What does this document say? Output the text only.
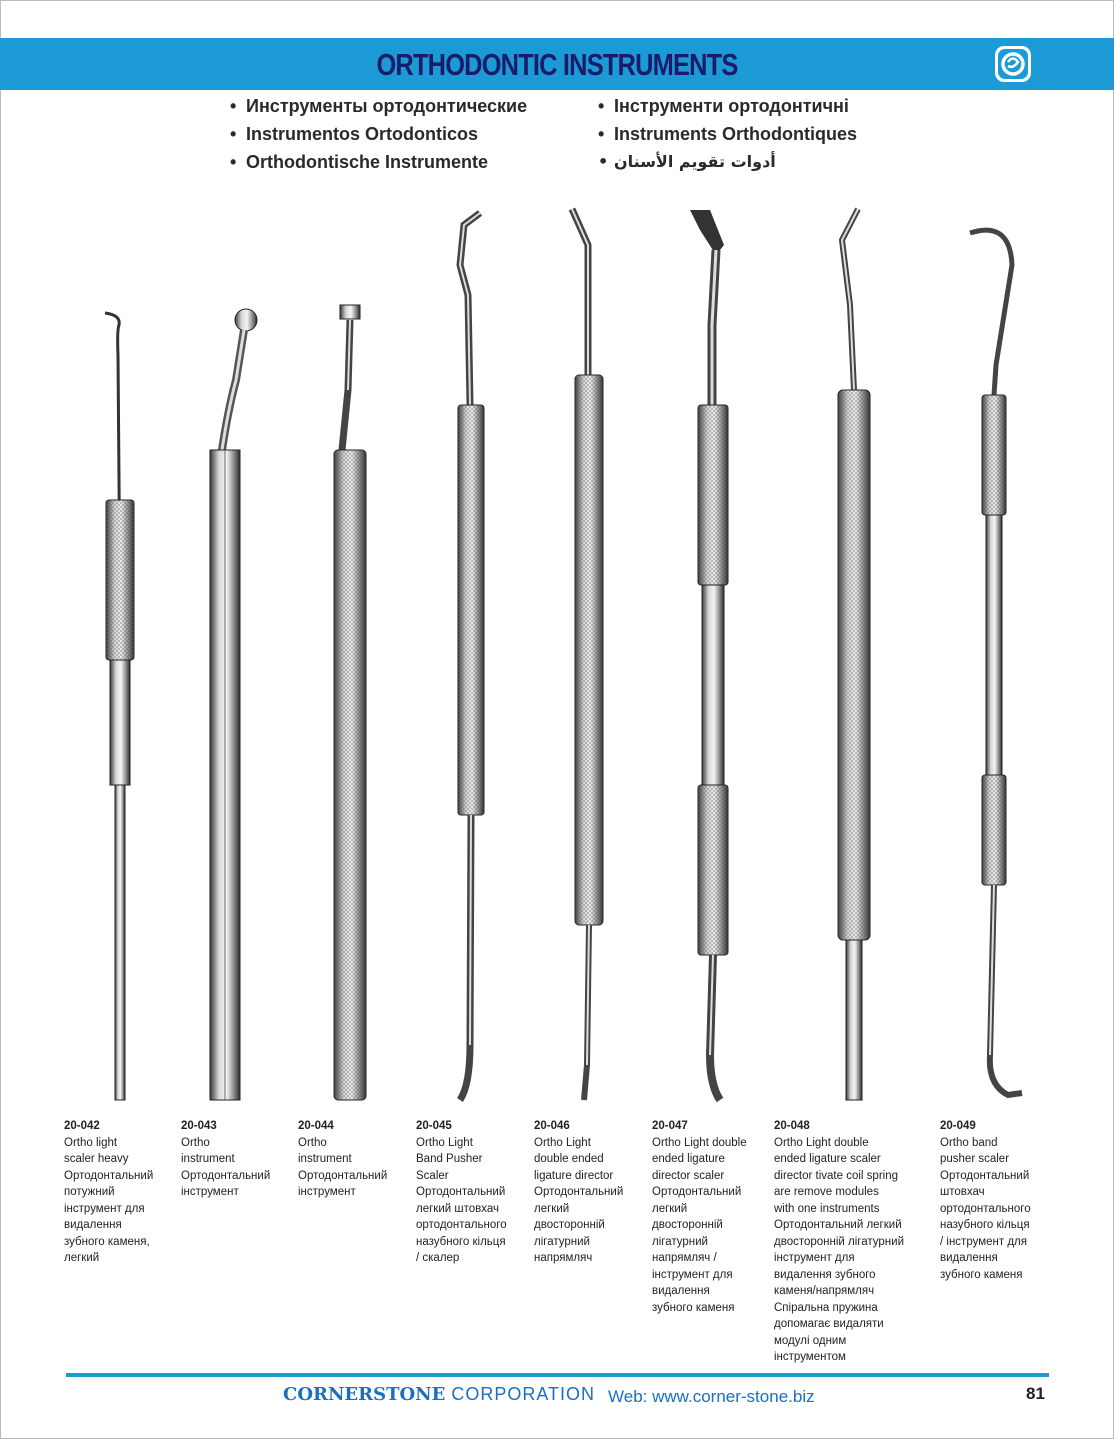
ORTHODONTIC INSTRUMENTS
• Инструменты ортодонтические	• Інструменти ортодонтичні
• Instrumentos Ortodonticos	• Instruments Orthodontiques
• Orthodontische Instrumente	• أدوات تقويم الأسنان
20-042
Ortho light
scaler heavy
Ортодонтальний
потужний
інструмент для
видалення
зубного каменя,
легкий
20-043
Ortho
instrument
Ортодонтальний
інструмент
20-044
Ortho
instrument
Ортодонтальний
інструмент
20-045
Ortho Light
Band Pusher
Scaler
Ортодонтальний
легкий штовхач
ортодонтального
назубного кільця
/ скалер
20-046
Ortho Light
double ended
ligature director
Ортодонтальний
легкий
двосторонній
лігатурний
напрямляч
20-047
Ortho Light double
ended ligature
director scaler
Ортодонтальний
легкий
двосторонній
лігатурний
напрямляч /
інструмент для
видалення
зубного каменя
20-048
Ortho Light double
ended ligature scaler
director tivate coil spring
are remove modules
with one instruments
Ортодонтальний легкий
двосторонній лігатурний
інструмент для
видалення зубного
каменя/напрямляч
Спіральна пружина
допомагає видаляти
модулі одним
інструментом
20-049
Ortho band
pusher scaler
Ортодонтальний
штовхач
ортодонтального
назубного кільця
/ інструмент для
видалення
зубного каменя
CORNERSTONE CORPORATION Web: www.corner-stone.biz	81
